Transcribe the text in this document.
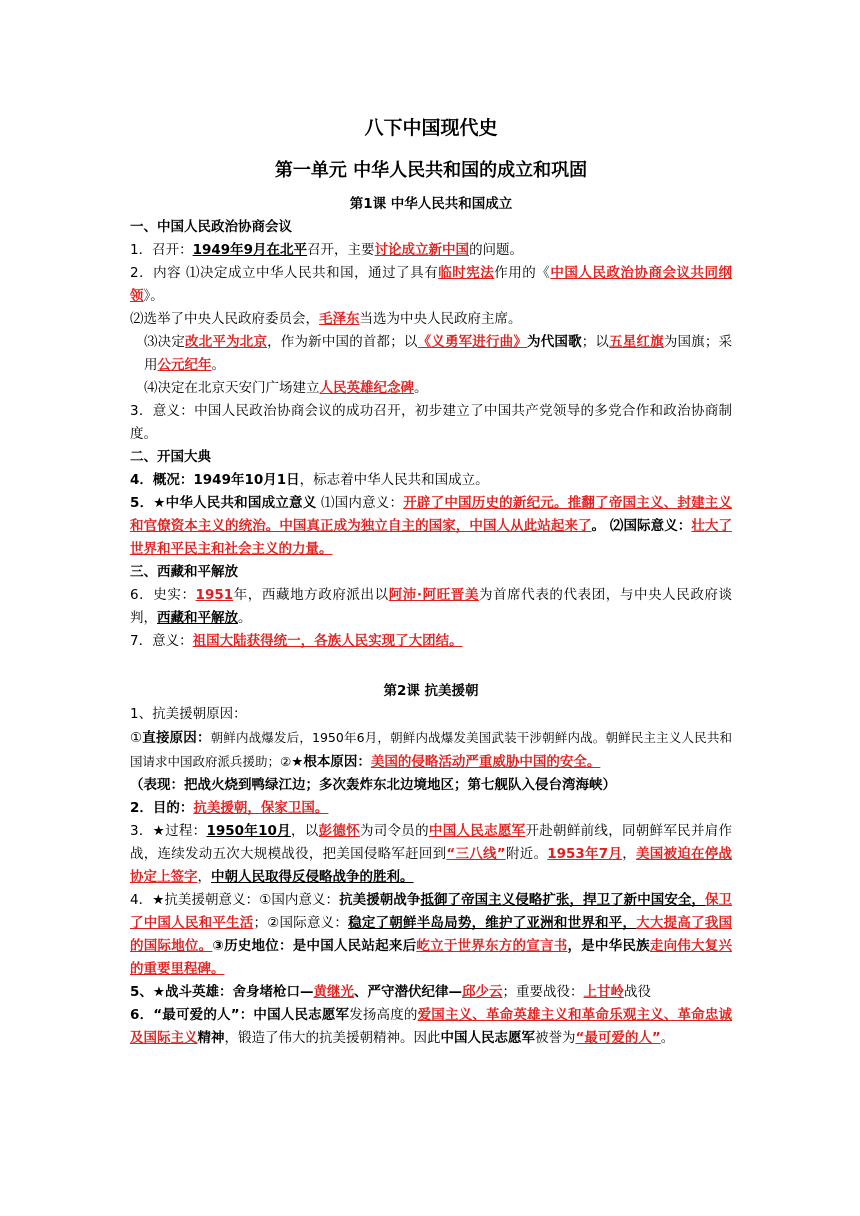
八下中国现代史
第一单元 中华人民共和国的成立和巩固
第1课 中华人民共和国成立
一、中国人民政治协商会议
1．召开：1949年9月在北平召开，主要讨论成立新中国的问题。
2．内容 ⑴决定成立中华人民共和国，通过了具有临时宪法作用的《中国人民政治协商会议共同纲领》。
⑵选举了中央人民政府委员会，毛泽东当选为中央人民政府主席。
⑶决定改北平为北京，作为新中国的首都；以《义勇军进行曲》为代国歌；以五星红旗为国旗；采用公元纪年。
⑷决定在北京天安门广场建立人民英雄纪念碑。
3．意义：中国人民政治协商会议的成功召开，初步建立了中国共产党领导的多党合作和政治协商制度。
二、开国大典
4．概况：1949年10月1日，标志着中华人民共和国成立。
5．★中华人民共和国成立意义 ⑴国内意义：开辟了中国历史的新纪元。推翻了帝国主义、封建主义和官僚资本主义的统治。中国真正成为独立自主的国家，中国人从此站起来了。 ⑵国际意义：壮大了世界和平民主和社会主义的力量。
三、西藏和平解放
6．史实：1951年，西藏地方政府派出以阿沛·阿旺晋美为首席代表的代表团，与中央人民政府谈判，西藏和平解放。
7．意义：祖国大陆获得统一，各族人民实现了大团结。
第2课 抗美援朝
1、抗美援朝原因：
①直接原因：朝鲜内战爆发后，1950年6月，朝鲜内战爆发美国武装干涉朝鲜内战。朝鲜民主主义人民共和国请求中国政府派兵援助；②★根本原因：美国的侵略活动严重威胁中国的安全。
（表现：把战火烧到鸭绿江边；多次轰炸东北边境地区；第七舰队入侵台湾海峡）
2．目的：抗美援朝，保家卫国。
3．★过程：1950年10月，以彭德怀为司令员的中国人民志愿军开赴朝鲜前线，同朝鲜军民并肩作战，连续发动五次大规模战役，把美国侵略军赶回到“三八线”附近。1953年7月，美国被迫在停战协定上签字，中朝人民取得反侵略战争的胜利。
4．★抗美援朝意义：①国内意义：抗美援朝战争抵御了帝国主义侵略扩张，捍卫了新中国安全，保卫了中国人民和平生活；②国际意义：稳定了朝鲜半岛局势，维护了亚洲和世界和平，大大提高了我国的国际地位。③历史地位：是中国人民站起来后屹立于世界东方的宣言书，是中华民族走向伟大复兴的重要里程碑。
5、★战斗英雄：舍身堵枪口—黄继光、严守潜伏纪律—邱少云；重要战役：上甘岭战役
6．“最可爱的人”：中国人民志愿军发扬高度的爱国主义、革命英雄主义和革命乐观主义、革命忠诚及国际主义精神，锻造了伟大的抗美援朝精神。因此中国人民志愿军被誉为“最可爱的人”。
